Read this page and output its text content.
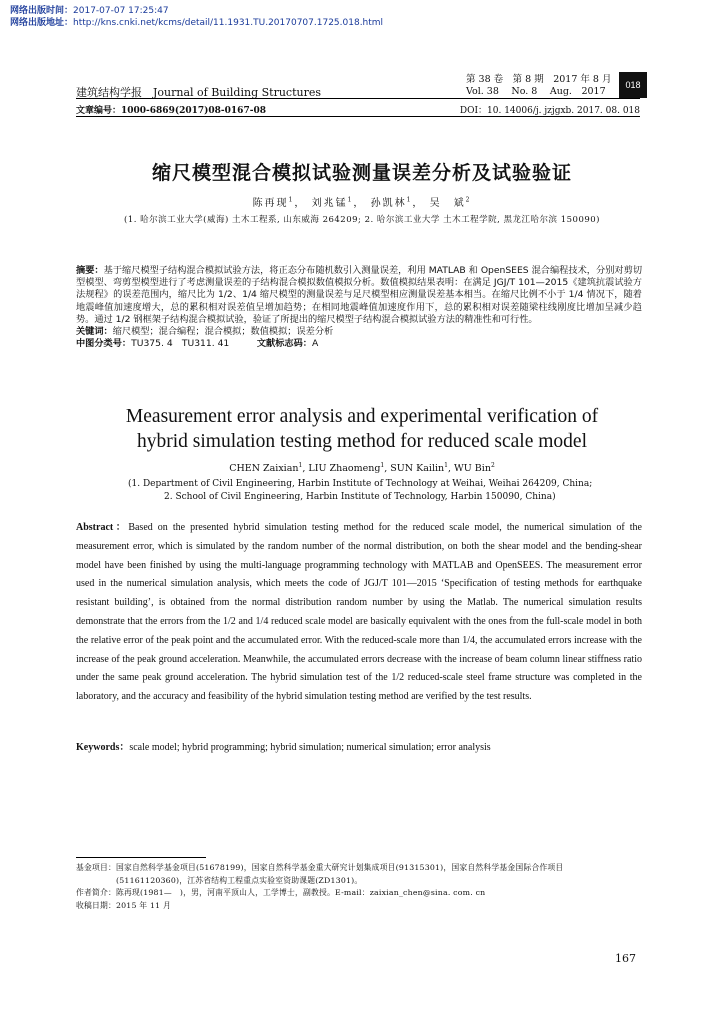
网络出版时间：2017-07-07 17:25:47
网络出版地址：http://kns.cnki.net/kcms/detail/11.1931.TU.20170707.1725.018.html
建筑结构学报　Journal of Building Structures
第 38 卷　第 8 期　2017 年 8 月
Vol. 38　 No. 8 　Aug.　2017
018
文章编号：1000-6869(2017)08-0167-08	DOI：10. 14006/j. jzjgxb. 2017. 08. 018
缩尺模型混合模拟试验测量误差分析及试验验证
陈再现$^1$， 刘兆锰$^1$， 孙凯林$^1$， 吴　斌$^2$
(1. 哈尔滨工业大学(威海) 土木工程系, 山东威海 264209; 2. 哈尔滨工业大学 土木工程学院, 黑龙江哈尔滨 150090)
摘要：基于缩尺模型子结构混合模拟试验方法，将正态分布随机数引入测量误差，利用 MATLAB 和 OpenSEES 混合编程技术，分别对剪切型模型、弯剪型模型进行了考虑测量误差的子结构混合模拟数值模拟分析。数值模拟结果表明：在满足 JGJ/T 101—2015《建筑抗震试验方法规程》的误差范围内，缩尺比为 1/2、1/4 缩尺模型的测量误差与足尺模型相应测量误差基本相当。在缩尺比例不小于 1/4 情况下，随着地震峰值加速度增大，总的累积相对误差值呈增加趋势；在相同地震峰值加速度作用下，总的累积相对误差随梁柱线刚度比增加呈减少趋势。通过 1/2 钢框架子结构混合模拟试验，验证了所提出的缩尺模型子结构混合模拟试验方法的精准性和可行性。
关键词：缩尺模型；混合编程；混合模拟；数值模拟；误差分析
中图分类号：TU375. 4　TU311. 41　　　	文献标志码：A
Measurement error analysis and experimental verification of
hybrid simulation testing method for reduced scale model
CHEN Zaixian$^1$, LIU Zhaomeng$^1$, SUN Kailin$^1$, WU Bin$^2$
(1. Department of Civil Engineering, Harbin Institute of Technology at Weihai, Weihai 264209, China;
2. School of Civil Engineering, Harbin Institute of Technology, Harbin 150090, China)
Abstract：Based on the presented hybrid simulation testing method for the reduced scale model, the numerical simulation of the measurement error, which is simulated by the random number of the normal distribution, on both the shear model and the bending-shear model have been finished by using the multi-language programming technology with MATLAB and OpenSEES. The measurement error used in the numerical simulation analysis, which meets the code of JGJ/T 101—2015 ‘Specification of testing methods for earthquake resistant building’, is obtained from the normal distribution random number by using the Matlab. The numerical simulation results demonstrate that the errors from the 1/2 and 1/4 reduced scale model are basically equivalent with the ones from the full-scale model in both the relative error of the peak point and the accumulated error. With the reduced-scale more than 1/4, the accumulated errors increase with the increase of the peak ground acceleration. Meanwhile, the accumulated errors decrease with the increase of beam column linear stiffness ratio under the same peak ground acceleration. The hybrid simulation test of the 1/2 reduced-scale steel frame structure was completed in the laboratory, and the accuracy and feasibility of the hybrid simulation testing method are verified by the test results.
Keywords：scale model; hybrid programming; hybrid simulation; numerical simulation; error analysis
基金项目：国家自然科学基金项目(51678199)，国家自然科学基金重大研究计划集成项目(91315301)，国家自然科学基金国际合作项目
(51161120360)，江苏省结构工程重点实验室资助课题(ZD1301)。
作者简介：陈再现(1981—　)，男，河南平顶山人，工学博士，副教授。E-mail：zaixian_chen@sina. com. cn
收稿日期：2015 年 11 月
167
